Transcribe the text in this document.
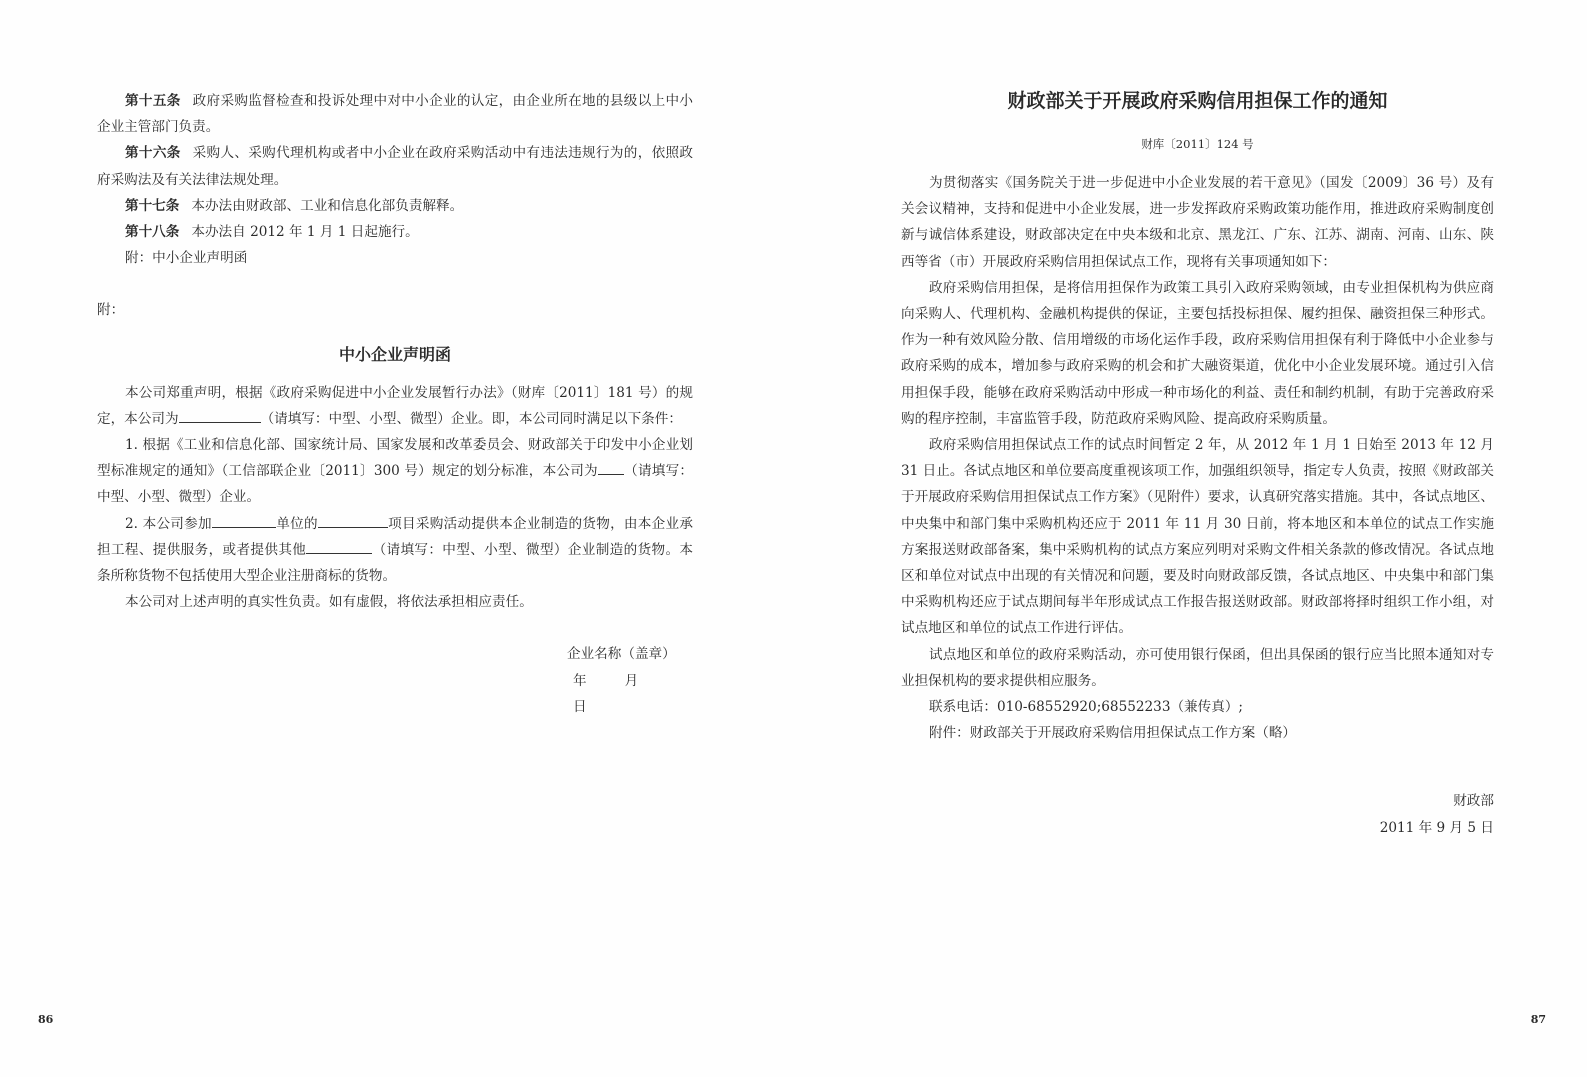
第十五条 政府采购监督检查和投诉处理中对中小企业的认定，由企业所在地的县级以上中小企业主管部门负责。

第十六条 采购人、采购代理机构或者中小企业在政府采购活动中有违法违规行为的，依照政府采购法及有关法律法规处理。

第十七条 本办法由财政部、工业和信息化部负责解释。

第十八条 本办法自 2012 年 1 月 1 日起施行。

附：中小企业声明函

附：

中小企业声明函

本公司郑重声明，根据《政府采购促进中小企业发展暂行办法》（财库〔2011〕181 号）的规定，本公司为	（请填写：中型、小型、微型）企业。即，本公司同时满足以下条件：

1. 根据《工业和信息化部、国家统计局、国家发展和改革委员会、财政部关于印发中小企业划型标准规定的通知》（工信部联企业〔2011〕300 号）规定的划分标准，本公司为 （请填写：中型、小型、微型）企业。

2. 本公司参加	单位的	项目采购活动提供本企业制造的货物，由本企业承担工程、提供服务，或者提供其他	（请填写：中型、小型、微型）企业制造的货物。本条所称货物不包括使用大型企业注册商标的货物。

本公司对上述声明的真实性负责。如有虚假，将依法承担相应责任。

企业名称（盖章）

年	月日

86
财政部关于开展政府采购信用担保工作的通知
财库〔2011〕124 号

为贯彻落实《国务院关于进一步促进中小企业发展的若干意见》（国发〔2009〕36 号）及有关会议精神，支持和促进中小企业发展，进一步发挥政府采购政策功能作用，推进政府采购制度创新与诚信体系建设，财政部决定在中央本级和北京、黑龙江、广东、江苏、湖南、河南、山东、陕西等省（市）开展政府采购信用担保试点工作，现将有关事项通知如下：

政府采购信用担保，是将信用担保作为政策工具引入政府采购领域，由专业担保机构为供应商向采购人、代理机构、金融机构提供的保证，主要包括投标担保、履约担保、融资担保三种形式。作为一种有效风险分散、信用增级的市场化运作手段，政府采购信用担保有利于降低中小企业参与政府采购的成本，增加参与政府采购的机会和扩大融资渠道，优化中小企业发展环境。通过引入信用担保手段，能够在政府采购活动中形成一种市场化的利益、责任和制约机制，有助于完善政府采购的程序控制，丰富监管手段，防范政府采购风险、提高政府采购质量。

政府采购信用担保试点工作的试点时间暂定 2 年，从 2012 年 1 月 1 日始至 2013 年 12 月 31 日止。各试点地区和单位要高度重视该项工作，加强组织领导，指定专人负责，按照《财政部关于开展政府采购信用担保试点工作方案》（见附件）要求，认真研究落实措施。其中，各试点地区、中央集中和部门集中采购机构还应于 2011 年 11 月 30 日前，将本地区和本单位的试点工作实施方案报送财政部备案，集中采购机构的试点方案应列明对采购文件相关条款的修改情况。各试点地区和单位对试点中出现的有关情况和问题，要及时向财政部反馈，各试点地区、中央集中和部门集中采购机构还应于试点期间每半年形成试点工作报告报送财政部。财政部将择时组织工作小组，对试点地区和单位的试点工作进行评估。

试点地区和单位的政府采购活动，亦可使用银行保函，但出具保函的银行应当比照本通知对专业担保机构的要求提供相应服务。

联系电话：010-68552920;68552233（兼传真）;

附件：财政部关于开展政府采购信用担保试点工作方案（略）

财政部

2011 年 9 月 5 日

87
